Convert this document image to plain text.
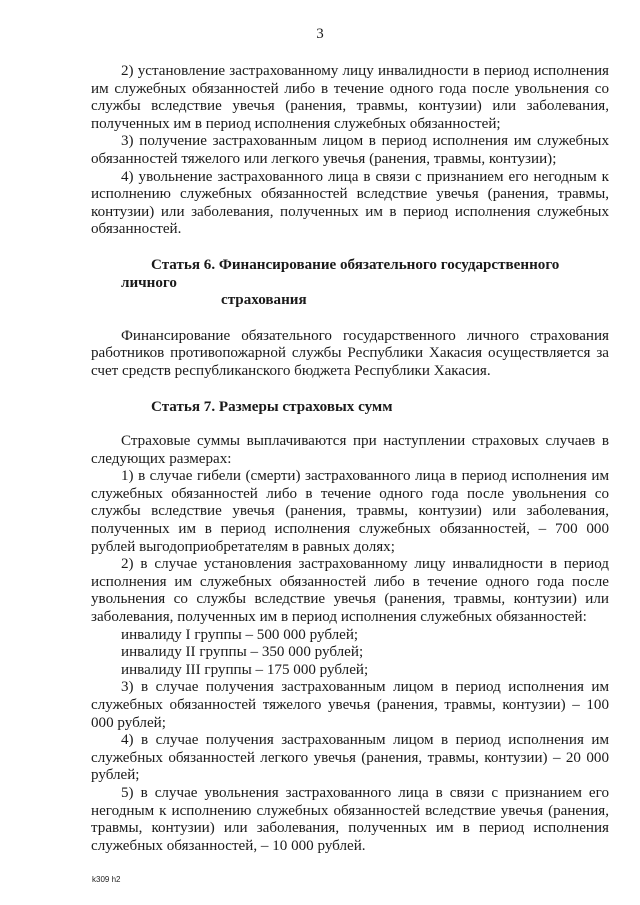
3

2) установление застрахованному лицу инвалидности в период исполнения им служебных обязанностей либо в течение одного года после увольнения со службы вследствие увечья (ранения, травмы, контузии) или заболевания, полученных им в период исполнения служебных обязанностей;

3) получение застрахованным лицом в период исполнения им служебных обязанностей тяжелого или легкого увечья (ранения, травмы, контузии);

4) увольнение застрахованного лица в связи с признанием его негодным к исполнению служебных обязанностей вследствие увечья (ранения, травмы, контузии) или заболевания, полученных им в период исполнения служебных обязанностей.

Статья 6. Финансирование обязательного государственного личного
страхования

Финансирование обязательного государственного личного страхования работников противопожарной службы Республики Хакасия осуществляется за счет средств республиканского бюджета Республики Хакасия.

Статья 7. Размеры страховых сумм

Страховые суммы выплачиваются при наступлении страховых случаев в следующих размерах:

1) в случае гибели (смерти) застрахованного лица в период исполнения им служебных обязанностей либо в течение одного года после увольнения со службы вследствие увечья (ранения, травмы, контузии) или заболевания, полученных им в период исполнения служебных обязанностей, – 700 000 рублей выгодоприобретателям в равных долях;

2) в случае установления застрахованному лицу инвалидности в период исполнения им служебных обязанностей либо в течение одного года после увольнения со службы вследствие увечья (ранения, травмы, контузии) или заболевания, полученных им в период исполнения служебных обязанностей:

инвалиду I группы – 500 000 рублей;

инвалиду II группы – 350 000 рублей;

инвалиду III группы – 175 000 рублей;

3) в случае получения застрахованным лицом в период исполнения им служебных обязанностей тяжелого увечья (ранения, травмы, контузии) – 100 000 рублей;

4) в случае получения застрахованным лицом в период исполнения им служебных обязанностей легкого увечья (ранения, травмы, контузии) – 20 000 рублей;

5) в случае увольнения застрахованного лица в связи с признанием его негодным к исполнению служебных обязанностей вследствие увечья (ранения, травмы, контузии) или заболевания, полученных им в период исполнения служебных обязанностей, – 10 000 рублей.

k309 h2
